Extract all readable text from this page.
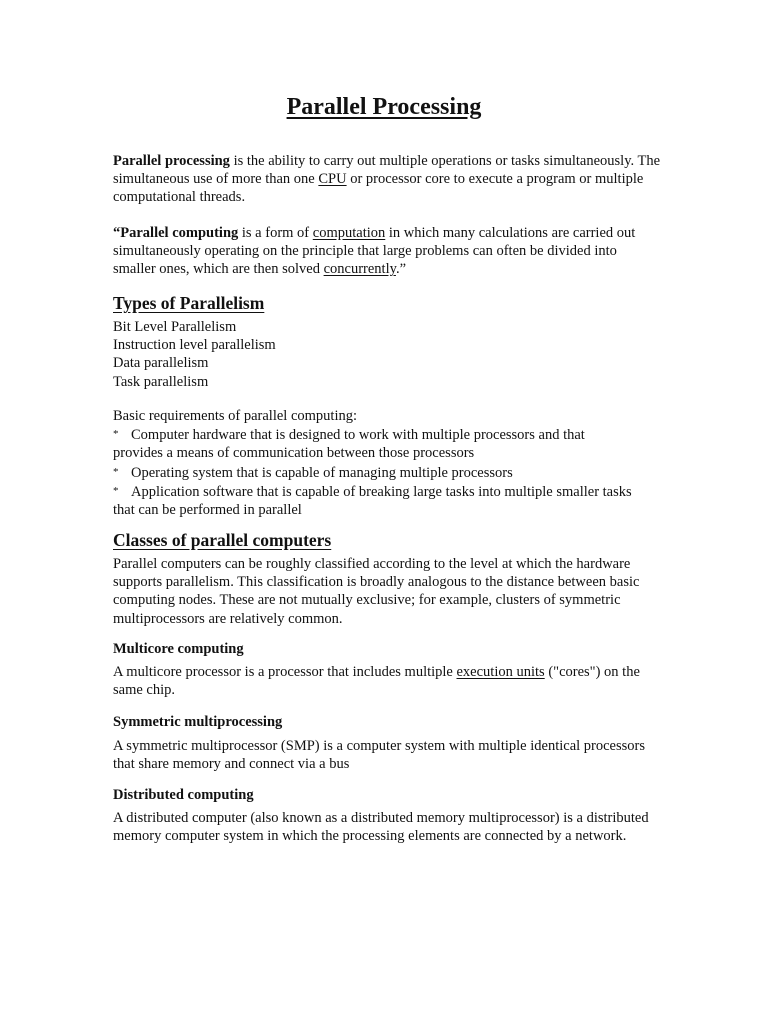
Parallel Processing

Parallel processing is the ability to carry out multiple operations or tasks simultaneously. The simultaneous use of more than one CPU or processor core to execute a program or multiple computational threads.

“Parallel computing is a form of computation in which many calculations are carried out simultaneously operating on the principle that large problems can often be divided into smaller ones, which are then solved concurrently.”

Types of Parallelism
Bit Level Parallelism
Instruction level parallelism
Data parallelism
Task parallelism
Basic requirements of parallel computing:
* Computer hardware that is designed to work with multiple processors and that
provides a means of communication between those processors
* Operating system that is capable of managing multiple processors
* Application software that is capable of breaking large tasks into multiple smaller tasks
that can be performed in parallel
Classes of parallel computers

Parallel computers can be roughly classified according to the level at which the hardware supports parallelism. This classification is broadly analogous to the distance between basic computing nodes. These are not mutually exclusive; for example, clusters of symmetric multiprocessors are relatively common.

Multicore computing

A multicore processor is a processor that includes multiple execution units ("cores") on the same chip.

Symmetric multiprocessing

A symmetric multiprocessor (SMP) is a computer system with multiple identical processors that share memory and connect via a bus

Distributed computing

A distributed computer (also known as a distributed memory multiprocessor) is a distributed memory computer system in which the processing elements are connected by a network.
